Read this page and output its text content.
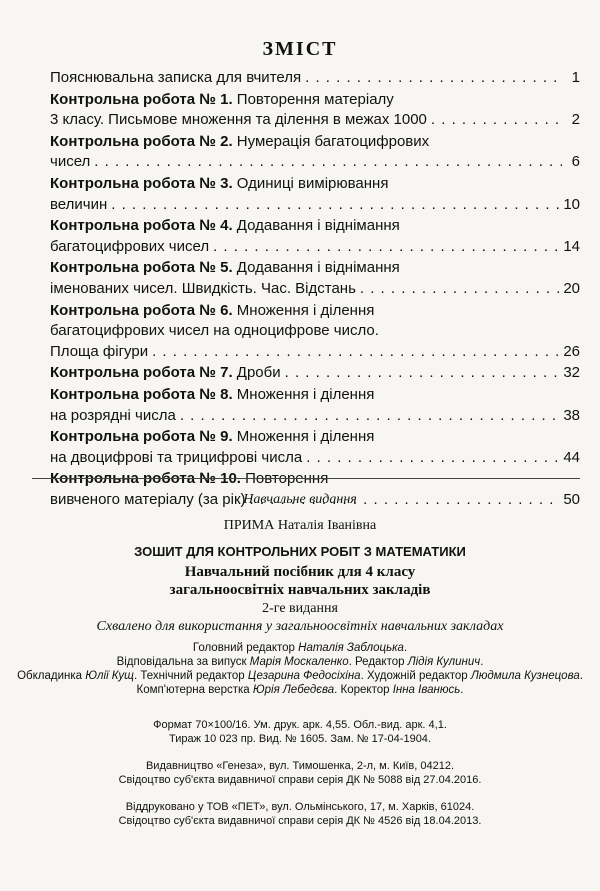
ЗМІСТ
Пояснювальна записка для вчителя . . .	1
Контрольна робота № 1. Повторення матеріалу
3 класу. Письмове множення та ділення в межах 1000 . . .	2
Контрольна робота № 2. Нумерація багатоцифрових
чисел . . .	6
Контрольна робота № 3. Одиниці вимірювання
величин . . .	10
Контрольна робота № 4. Додавання і віднімання
багатоцифрових чисел . . .	14
Контрольна робота № 5. Додавання і віднімання
іменованих чисел. Швидкість. Час. Відстань . . .	20
Контрольна робота № 6. Множення і ділення
багатоцифрових чисел на одноцифрове число.
Площа фігури . . .	26
Контрольна робота № 7. Дроби . . .	32
Контрольна робота № 8. Множення і ділення
на розрядні числа . . .	38
Контрольна робота № 9. Множення і ділення
на двоцифрові та трицифрові числа . . .	44
Контрольна робота № 10. Повторення
вивченого матеріалу (за рік) . . .	50
Навчальне видання
ПРИМА Наталія Іванівна
ЗОШИТ ДЛЯ КОНТРОЛЬНИХ РОБІТ З МАТЕМАТИКИ
Навчальний посібник для 4 класу
загальноосвітніх навчальних закладів
2-ге видання
Схвалено для використання у загальноосвітніх навчальних закладах
Головний редактор Наталія Заблоцька.
Відповідальна за випуск Марія Москаленко. Редактор Лідія Кулинич.
Обкладинка Юлії Кущ. Технічний редактор Цезарина Федосіхіна. Художній редактор Людмила Кузнецова. Комп'ютерна верстка Юрія Лебедєва. Коректор Інна Іванюсь.
Формат 70×100/16. Ум. друк. арк. 4,55. Обл.-вид. арк. 4,1.
Тираж 10 023 пр. Вид. № 1605. Зам. № 17-04-1904.
Видавництво «Генеза», вул. Тимошенка, 2-л, м. Київ, 04212.
Свідоцтво суб'єкта видавничої справи серія ДК № 5088 від 27.04.2016.
Віддруковано у ТОВ «ПЕТ», вул. Ольмінського, 17, м. Харків, 61024.
Свідоцтво суб'єкта видавничої справи серія ДК № 4526 від 18.04.2013.
